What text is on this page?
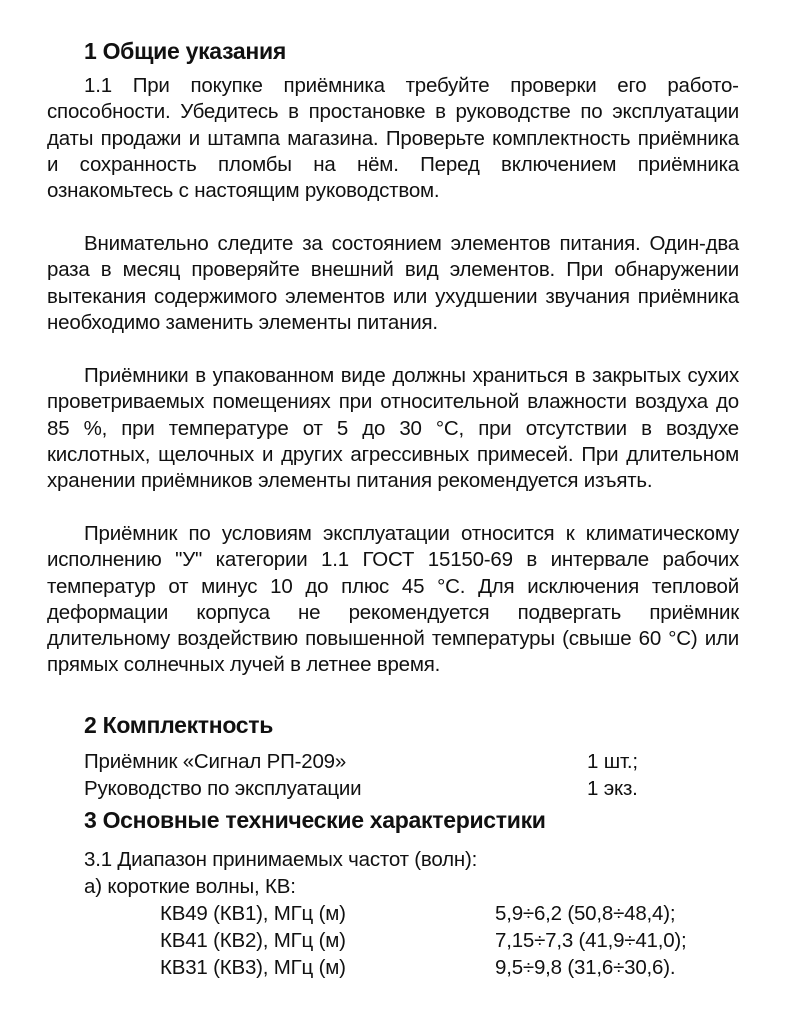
1 Общие указания
1.1 При покупке приёмника требуйте проверки его работоспособности. Убедитесь в простановке в руководстве по эксплуатации даты продажи и штампа магазина. Проверьте комплектность приёмника и сохранность пломбы на нём. Перед включением приёмника ознакомьтесь с настоящим руководством.
Внимательно следите за состоянием элементов питания. Один-два раза в месяц проверяйте внешний вид элементов. При обнаружении вытекания содержимого элементов или ухудшении звучания приёмника необходимо заменить элементы питания.
Приёмники в упакованном виде должны храниться в закрытых сухих проветриваемых помещениях при относительной влажности воздуха до 85 %, при температуре от 5 до 30 °С, при отсутствии в воздухе кислотных, щелочных и других агрессивных примесей. При длительном хранении приёмников элементы питания рекомендуется изъять.
Приёмник по условиям эксплуатации относится к климатическому исполнению "У" категории 1.1 ГОСТ 15150-69 в интервале рабочих температур от минус 10 до плюс 45 °С. Для исключения тепловой деформации корпуса не рекомендуется подвергать приёмник длительному воздействию повышенной температуры (свыше 60 °С) или прямых солнечных лучей в летнее время.
2 Комплектность
Приёмник «Сигнал РП-209»	1 шт.;
Руководство по эксплуатации	1 экз.
3 Основные технические характеристики
3.1 Диапазон принимаемых частот (волн):
а) короткие волны, КВ:
КВ49 (КВ1), МГц (м)	5,9÷6,2 (50,8÷48,4);
КВ41 (КВ2), МГц (м)	7,15÷7,3 (41,9÷41,0);
КВ31 (КВ3), МГц (м)	9,5÷9,8 (31,6÷30,6).
